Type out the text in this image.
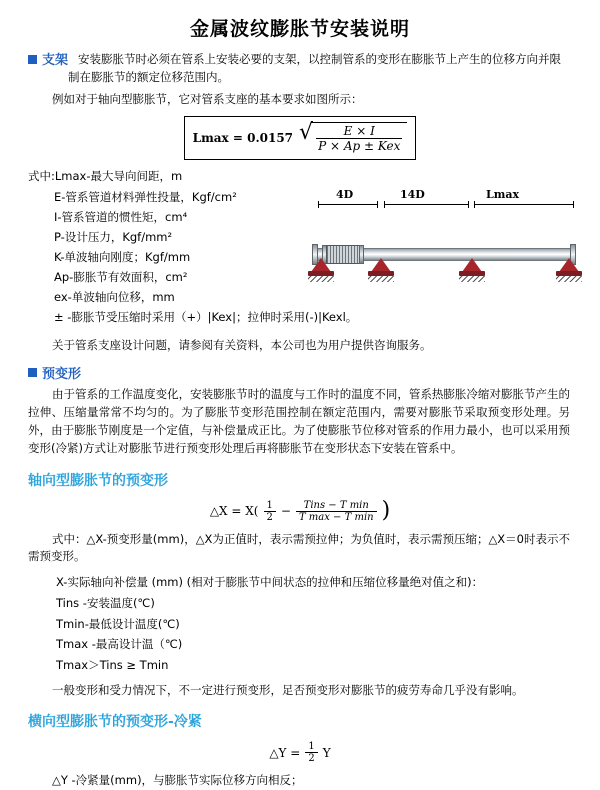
金属波纹膨胀节安装说明
支架 安装膨胀节时必须在管系上安装必要的支架，以控制管系的变形在膨胀节上产生的位移方向并限制在膨胀节的额定位移范围内。
例如对于轴向型膨胀节，它对管系支座的基本要求如图所示：
Lmax = 0.0157 √
$\frac{E \times I}{\text{P × Ap ± Kex}}$
式中:Lmax-最大导向间距，m
E-管系管道材料弹性投量，Kgf/cm²
I-管系管道的惯性矩，cm⁴
P-设计压力，Kgf/mm²
K-单波轴向刚度；Kgf/mm
Ap-膨胀节有效面积，cm²
ex-单波轴向位移，mm
± -膨胀节受压缩时采用（+）|Kex|；拉伸时采用(-)|Kexl。
4D	14D	Lmax
关于管系支座设计问题，请参阅有关资料，本公司也为用户提供咨询服务。
预变形
由于管系的工作温度变化，安装膨胀节时的温度与工作时的温度不同，管系热膨胀冷缩对膨胀节产生的拉伸、压缩量常常不均匀的。为了膨胀节变形范围控制在额定范围内，需要对膨胀节采取预变形处理。另外，由于膨胀节刚度是一个定值，与补偿量成正比。为了使膨胀节位移对管系的作用力最小，也可以采用预变形(冷紧)方式让对膨胀节进行预变形处理后再将膨胀节在变形状态下安装在管系中。
轴向型膨胀节的预变形
△X = X( 1
2 −	Tins − T min
T max − T min )
式中：△X-预变形量(mm)，△X为正值时，表示需预拉伸；为负值时，表示需预压缩；△X＝0时表示不需预变形。
X-实际轴向补偿量 (mm) (相对于膨胀节中间状态的拉伸和压缩位移量绝对值之和)：
Tins -安装温度(℃)
Tmin-最低设计温度(℃)
Tmax -最高设计温（℃)
Tmax＞Tins ≥ Tmin
一般变形和受力情况下，不一定进行预变形，足否预变形对膨胀节的疲劳寿命几乎没有影响。
横向型膨胀节的预变形-冷紧
△Y = $\frac{1}{2}$ Y
△Y -冷紧量(mm)，与膨胀节实际位移方向相反；
